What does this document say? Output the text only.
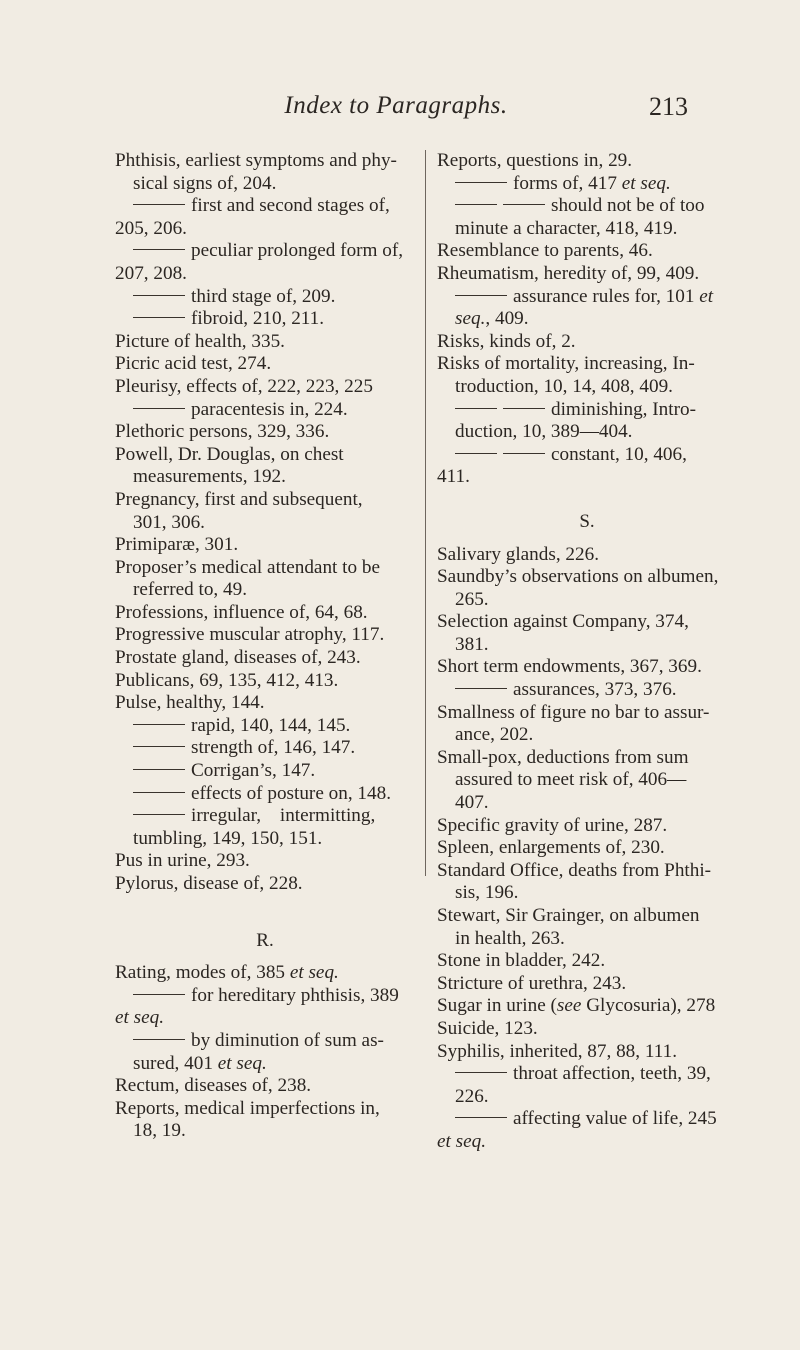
Index to Paragraphs.	213
Phthisis, earliest symptoms and phy-
sical signs of, 204.
first and second stages of,
205, 206.
peculiar prolonged form of,
207, 208.
third stage of, 209.
fibroid, 210, 211.
Picture of health, 335.
Picric acid test, 274.
Pleurisy, effects of, 222, 223, 225
paracentesis in, 224.
Plethoric persons, 329, 336.
Powell, Dr. Douglas, on chest
measurements, 192.
Pregnancy, first and subsequent,
301, 306.
Primiparæ, 301.
Proposer’s medical attendant to be
referred to, 49.
Professions, influence of, 64, 68.
Progressive muscular atrophy, 117.
Prostate gland, diseases of, 243.
Publicans, 69, 135, 412, 413.
Pulse, healthy, 144.
rapid, 140, 144, 145.
strength of, 146, 147.
Corrigan’s, 147.
effects of posture on, 148.
irregular, intermitting,
tumbling, 149, 150, 151.
Pus in urine, 293.
Pylorus, disease of, 228.
R.
Rating, modes of, 385 et seq.
for hereditary phthisis, 389
et seq.
by diminution of sum as-
sured, 401 et seq.
Rectum, diseases of, 238.
Reports, medical imperfections in,
18, 19.
Reports, questions in, 29.
forms of, 417 et seq.
should not be of too
minute a character, 418, 419.
Resemblance to parents, 46.
Rheumatism, heredity of, 99, 409.
assurance rules for, 101 et
seq., 409.
Risks, kinds of, 2.
Risks of mortality, increasing, In-
troduction, 10, 14, 408, 409.
diminishing, Intro-
duction, 10, 389—404.
constant, 10, 406,
411.
S.
Salivary glands, 226.
Saundby’s observations on albumen,
265.
Selection against Company, 374,
381.
Short term endowments, 367, 369.
assurances, 373, 376.
Smallness of figure no bar to assur-
ance, 202.
Small-pox, deductions from sum
assured to meet risk of, 406—
407.
Specific gravity of urine, 287.
Spleen, enlargements of, 230.
Standard Office, deaths from Phthi-
sis, 196.
Stewart, Sir Grainger, on albumen
in health, 263.
Stone in bladder, 242.
Stricture of urethra, 243.
Sugar in urine (see Glycosuria), 278
Suicide, 123.
Syphilis, inherited, 87, 88, 111.
throat affection, teeth, 39,
226.
affecting value of life, 245
et seq.
